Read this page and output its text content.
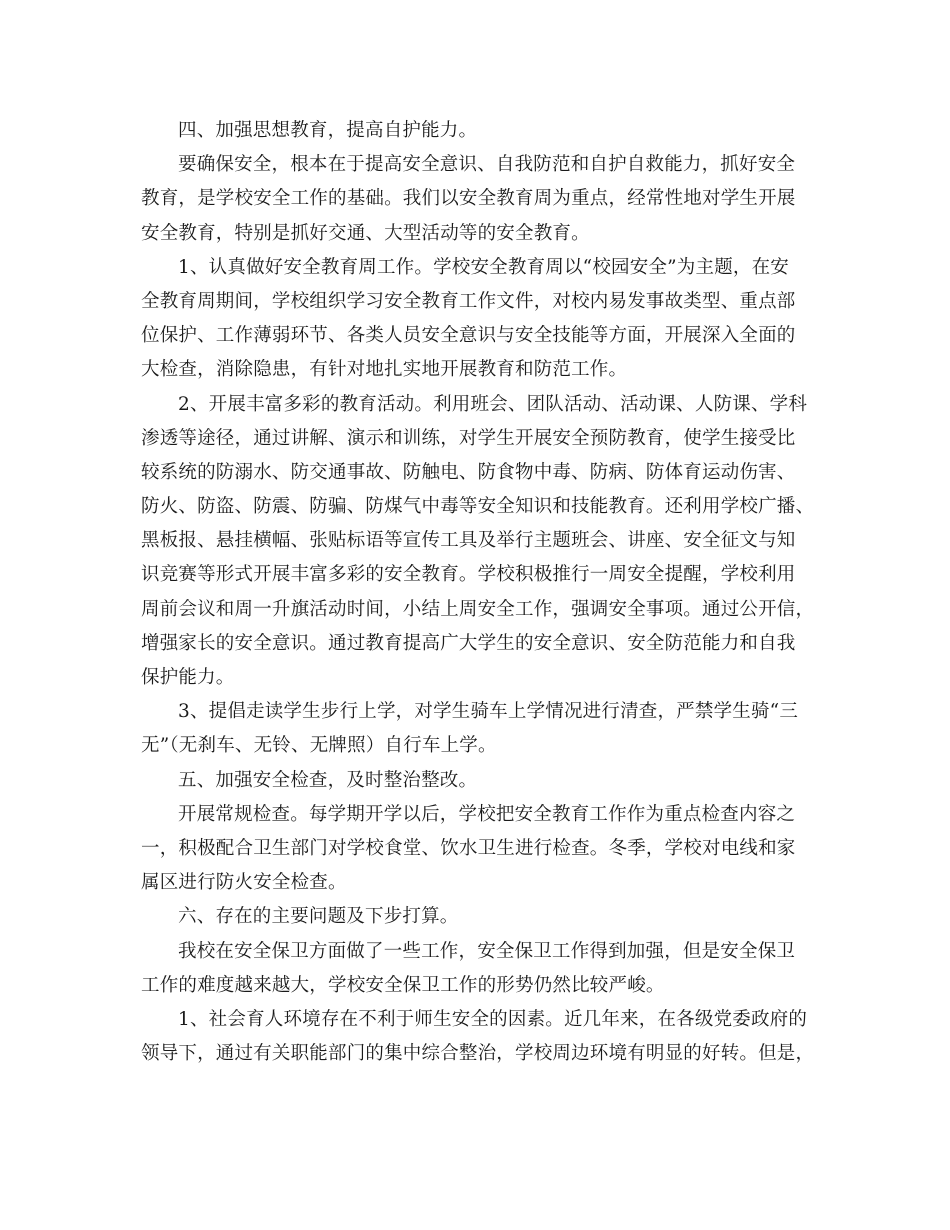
四、加强思想教育，提高自护能力。
要确保安全，根本在于提高安全意识、自我防范和自护自救能力，抓好安全
教育，是学校安全工作的基础。我们以安全教育周为重点，经常性地对学生开展
安全教育，特别是抓好交通、大型活动等的安全教育。
1、认真做好安全教育周工作。学校安全教育周以“校园安全”为主题，在安
全教育周期间，学校组织学习安全教育工作文件，对校内易发事故类型、重点部
位保护、工作薄弱环节、各类人员安全意识与安全技能等方面，开展深入全面的
大检查，消除隐患，有针对地扎实地开展教育和防范工作。
2、开展丰富多彩的教育活动。利用班会、团队活动、活动课、人防课、学科
渗透等途径，通过讲解、演示和训练，对学生开展安全预防教育，使学生接受比
较系统的防溺水、防交通事故、防触电、防食物中毒、防病、防体育运动伤害、
防火、防盗、防震、防骗、防煤气中毒等安全知识和技能教育。还利用学校广播、
黑板报、悬挂横幅、张贴标语等宣传工具及举行主题班会、讲座、安全征文与知
识竞赛等形式开展丰富多彩的安全教育。学校积极推行一周安全提醒，学校利用
周前会议和周一升旗活动时间，小结上周安全工作，强调安全事项。通过公开信，
增强家长的安全意识。通过教育提高广大学生的安全意识、安全防范能力和自我
保护能力。
3、提倡走读学生步行上学，对学生骑车上学情况进行清查，严禁学生骑“三
无”（无刹车、无铃、无牌照）自行车上学。
五、加强安全检查，及时整治整改。
开展常规检查。每学期开学以后，学校把安全教育工作作为重点检查内容之
一，积极配合卫生部门对学校食堂、饮水卫生进行检查。冬季，学校对电线和家
属区进行防火安全检查。
六、存在的主要问题及下步打算。
我校在安全保卫方面做了一些工作，安全保卫工作得到加强，但是安全保卫
工作的难度越来越大，学校安全保卫工作的形势仍然比较严峻。
1、社会育人环境存在不利于师生安全的因素。近几年来，在各级党委政府的
领导下，通过有关职能部门的集中综合整治，学校周边环境有明显的好转。但是，
